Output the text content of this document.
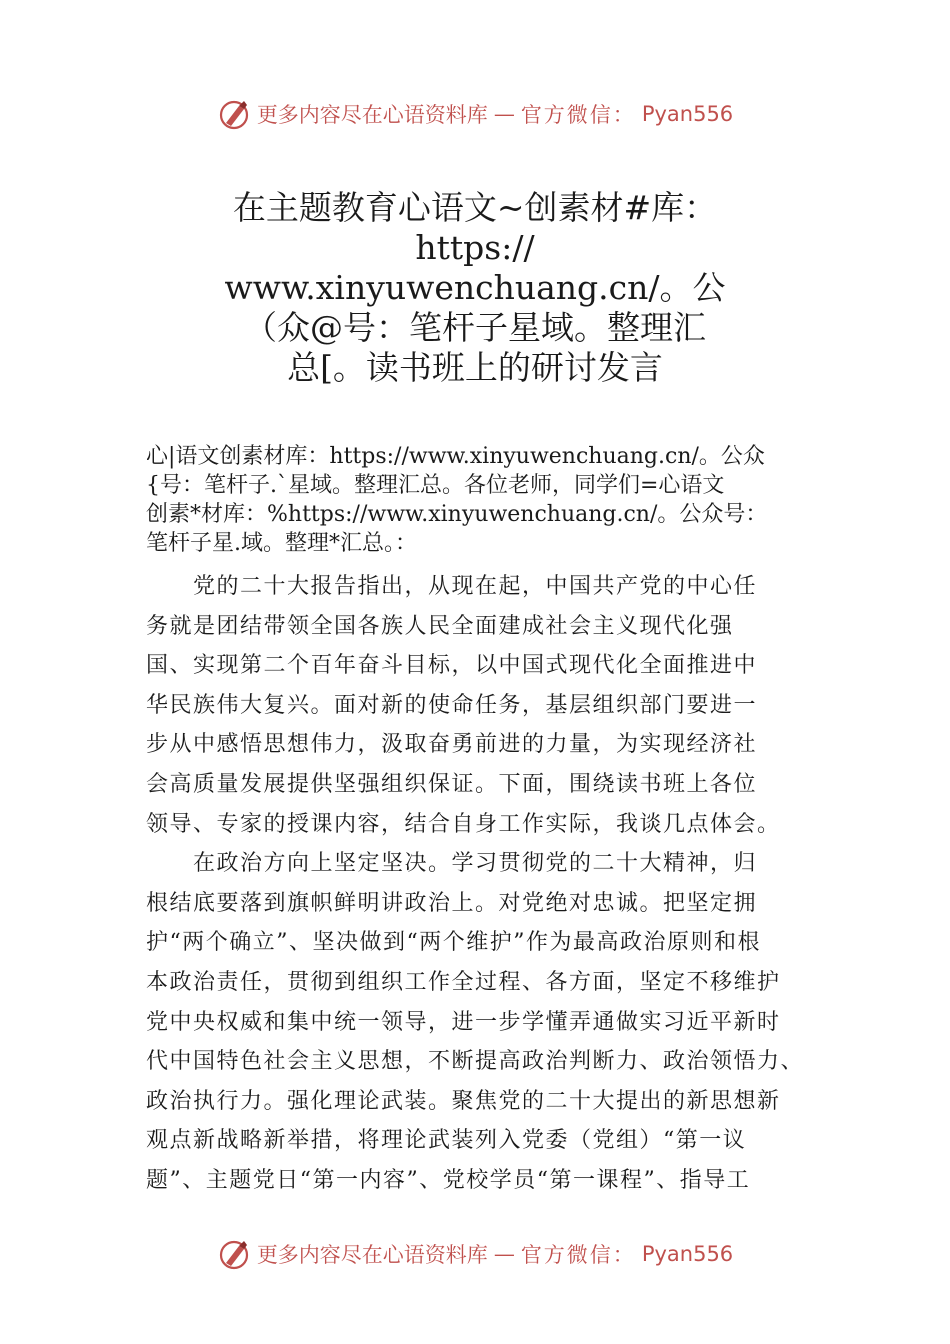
更多内容尽在心语资料库 — 官方微信： Pyan556
在主题教育心语文~创素材#库：
https://
www.xinyuwenchuang.cn/。公
（众@号：笔杆子星域。整理汇
总[。读书班上的研讨发言
心|语文创素材库：https://www.xinyuwenchuang.cn/。公众
{号：笔杆子.`星域。整理汇总。各位老师，同学们=心语文
创素*材库：%https://www.xinyuwenchuang.cn/。公众号：
笔杆子星.域。整理*汇总。：
　　党的二十大报告指出，从现在起，中国共产党的中心任
务就是团结带领全国各族人民全面建成社会主义现代化强
国、实现第二个百年奋斗目标，以中国式现代化全面推进中
华民族伟大复兴。面对新的使命任务，基层组织部门要进一
步从中感悟思想伟力，汲取奋勇前进的力量，为实现经济社
会高质量发展提供坚强组织保证。下面，围绕读书班上各位
领导、专家的授课内容，结合自身工作实际，我谈几点体会。
　　在政治方向上坚定坚决。学习贯彻党的二十大精神，归
根结底要落到旗帜鲜明讲政治上。对党绝对忠诚。把坚定拥
护“两个确立”、坚决做到“两个维护”作为最高政治原则和根
本政治责任，贯彻到组织工作全过程、各方面，坚定不移维护
党中央权威和集中统一领导，进一步学懂弄通做实习近平新时
代中国特色社会主义思想，不断提高政治判断力、政治领悟力、
政治执行力。强化理论武装。聚焦党的二十大提出的新思想新
观点新战略新举措，将理论武装列入党委（党组）“第一议
题”、主题党日“第一内容”、党校学员“第一课程”、指导工
更多内容尽在心语资料库 — 官方微信： Pyan556
